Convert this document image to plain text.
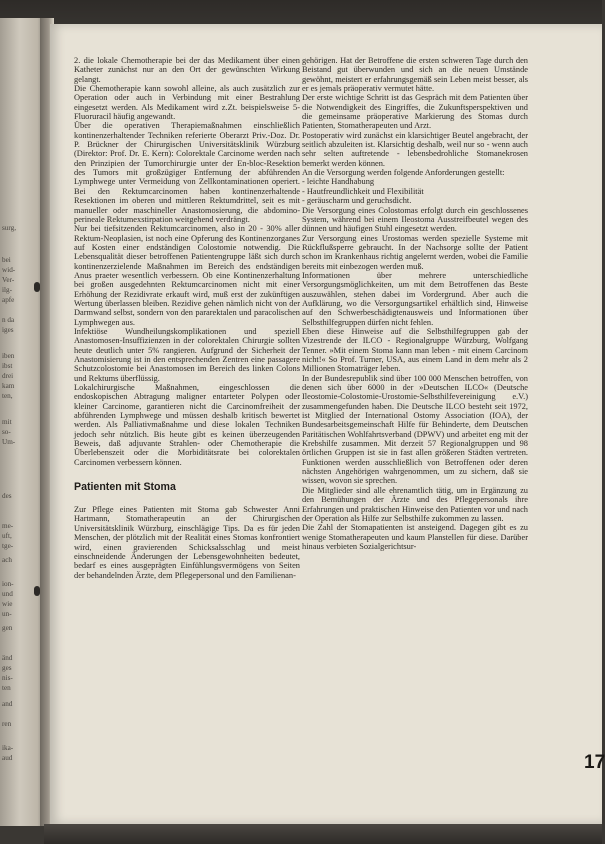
surg,
bei
wid-
Ver-
ilg-
apfe
n da
iges
iben
ibst
drei
kam
ten,
mit
so-
Um-
des
me-
uft,
tge-
ach
ion-
und
wie
un-
gen
änd
ges
nis-
ten
and
ren
ika-
aud

2. die lokale Chemotherapie bei der das Medikament über einen Katheter zunächst nur an den Ort der gewünschten Wirkung gelangt.

Die Chemotherapie kann sowohl alleine, als auch zusätzlich zur Operation oder auch in Verbindung mit einer Bestrahlung eingesetzt werden. Als Medikament wird z.Zt. beispielsweise 5-Fluoruracil häufig angewandt.

Über die operativen Therapiemaßnahmen einschließlich kontinenzerhaltender Techniken referierte Oberarzt Priv.-Doz. Dr. P. Brückner der Chirurgischen Universitätsklinik Würzburg (Direktor: Prof. Dr. E. Kern): Colorektale Carcinome werden nach den Prinzipien der Tumorchirurgie unter der En-bloc-Resektion des Tumors mit großzügiger Entfernung der abführenden Lymphwege unter Vermeidung von Zellkontaminationen operiert. Bei den Rektumcarcinomen haben kontinenzerhaltende Resektionen im oberen und mittleren Rektumdrittel, seit es mit manueller oder maschineller Anastomosierung, die abdomino-perineale Rektumexstirpation weitgehend verdrängt.

Nur bei tiefsitzenden Rektumcarcinomen, also in 20 - 30% aller Rektum-Neoplasien, ist noch eine Opferung des Kontinenzorganes auf Kosten einer endständigen Colostomie notwendig. Die Lebensqualität dieser betroffenen Patientengruppe läßt sich durch kontinenzerzielende Maßnahmen im Bereich des endständigen Anus praeter wesentlich verbessern. Ob eine Kontinenzerhaltung bei großen ausgedehnten Rektumcarcinomen nicht mit einer Erhöhung der Rezidivrate erkauft wird, muß erst der zukünftigen Wertung überlassen bleiben. Rezidive gehen nämlich nicht von der Darmwand selbst, sondern von den pararektalen und paracolischen Lymphwegen aus.

Infektiöse Wundheilungskomplikationen und speziell Anastomosen-Insuffizienzen in der colorektalen Chirurgie sollten heute deutlich unter 5% rangieren. Aufgrund der Sicherheit der Anastomisierung ist in den entsprechenden Zentren eine passagere Schutzcolostomie bei Anastomosen im Bereich des linken Colons und Rektums überflüssig.

Lokalchirurgische Maßnahmen, eingeschlossen die endoskopischen Abtragung maligner entarteter Polypen oder kleiner Carcinome, garantieren nicht die Carcinomfreiheit der abführenden Lymphwege und müssen deshalb kritisch bewertet werden. Als Palliativmaßnahme und diese lokalen Techniken jedoch sehr nützlich. Bis heute gibt es keinen überzeugenden Beweis, daß adjuvante Strahlen- oder Chemotherapie die Überlebenszeit oder die Morbiditätsrate bei colorektalen Carcinomen verbessern können.

Patienten mit Stoma

Zur Pflege eines Patienten mit Stoma gab Schwester Anni Hartmann, Stomatherapeutin an der Chirurgischen Universitätsklinik Würzburg, einschlägige Tips. Da es für jeden Menschen, der plötzlich mit der Realität eines Stomas konfrontiert wird, einen gravierenden Schicksalsschlag und meist einschneidende Änderungen der Lebensgewohnheiten bedeutet, bedarf es eines ausgeprägten Einfühlungsvermögens von Seiten der behandelnden Ärzte, dem Pflegepersonal und den Familienan-

gehörigen. Hat der Betroffene die ersten schweren Tage durch den Beistand gut überwunden und sich an die neuen Umstände gewöhnt, meistert er erfahrungsgemäß sein Leben meist besser, als er es jemals präoperativ vermutet hätte.

Der erste wichtige Schritt ist das Gespräch mit dem Patienten über die Notwendigkeit des Eingriffes, die Zukunftsperspektiven und die gemeinsame präoperative Markierung des Stomas durch Patienten, Stomatherapeuten und Arzt.

Postoperativ wird zunächst ein klarsichtiger Beutel angebracht, der seitlich abzuleiten ist. Klarsichtig deshalb, weil nur so - wenn auch sehr selten auftretende - lebensbedrohliche Stomanekrosen bemerkt werden können.

An die Versorgung werden folgende Anforderungen gestellt:

- leichte Handhabung

- Hautfreundlichkeit und Flexibilität

- geräuscharm und geruchsdicht.

Die Versorgung eines Colostomas erfolgt durch ein geschlossenes System, während bei einem Ileostoma Ausstreifbeutel wegen des dünnen und häufigen Stuhl eingesetzt werden.

Zur Versorgung eines Urostomas werden spezielle Systeme mit Rückflußsperre gebraucht. In der Nachsorge sollte der Patient schon im Krankenhaus richtig angelernt werden, wobei die Familie bereits mit einbezogen werden muß.

Informationen über mehrere unterschiedliche Versorgungsmöglichkeiten, um mit dem Betroffenen das Beste auszuwählen, stehen dabei im Vordergrund. Aber auch die Aufklärung, wo die Versorgungsartikel erhältlich sind, Hinweise auf den Schwerbeschädigtenausweis und Informationen über Selbsthilfegruppen dürfen nicht fehlen.

Eben diese Hinweise auf die Selbsthilfegruppen gab der Vizestrende der ILCO - Regionalgruppe Würzburg, Wolfgang Tenner. »Mit einem Stoma kann man leben - mit einem Carcinom nicht!« So Prof. Turner, USA, aus einem Land in dem mehr als 2 Millionen Stomaträger leben.

In der Bundesrepublik sind über 100 000 Menschen betroffen, von denen sich über 6000 in der »Deutschen ILCO« (Deutsche Ileostomie-Colostomie-Urostomie-Selbsthilfevereinigung e.V.) zusammengefunden haben. Die Deutsche ILCO besteht seit 1972, ist Mitglied der International Ostomy Association (IOA), der Bundesarbeitsgemeinschaft Hilfe für Behinderte, dem Deutschen Paritätischen Wohlfahrtsverband (DPWV) und arbeitet eng mit der Krebshilfe zusammen. Mit derzeit 57 Regionalgruppen und 98 örtlichen Gruppen ist sie in fast allen größeren Städten vertreten. Funktionen werden ausschließlich von Betroffenen oder deren nächsten Angehörigen wahrgenommen, um zu sichern, daß sie wissen, wovon sie sprechen.

Die Mitglieder sind alle ehrenamtlich tätig, um in Ergänzung zu den Bemühungen der Ärzte und des Pflegepersonals ihre Erfahrungen und praktischen Hinweise den Patienten vor und nach der Operation als Hilfe zur Selbsthilfe zukommen zu lassen.

Die Zahl der Stomapatienten ist ansteigend. Dagegen gibt es zu wenige Stomatherapeuten und kaum Planstellen für diese. Darüber hinaus verbieten Sozialgerichtsur-

17
